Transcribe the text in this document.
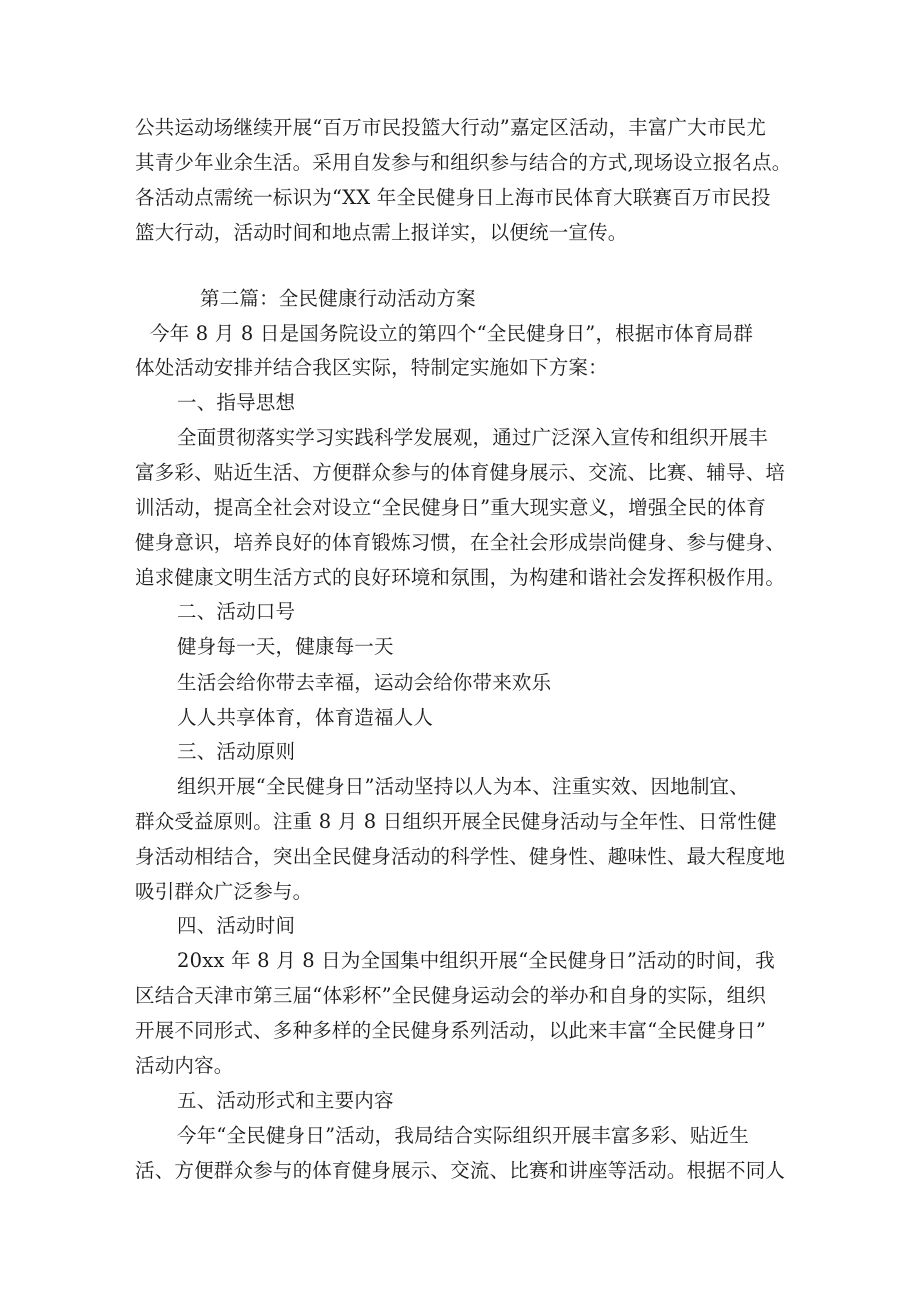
公共运动场继续开展“百万市民投篮大行动”嘉定区活动，丰富广大市民尤
其青少年业余生活。采用自发参与和组织参与结合的方式,现场设立报名点。
各活动点需统一标识为“XX 年全民健身日上海市民体育大联赛百万市民投
篮大行动，活动时间和地点需上报详实，以便统一宣传。
第二篇：全民健康行动活动方案
今年 8 月 8 日是国务院设立的第四个“全民健身日”，根据市体育局群
体处活动安排并结合我区实际，特制定实施如下方案：
一、指导思想
全面贯彻落实学习实践科学发展观，通过广泛深入宣传和组织开展丰
富多彩、贴近生活、方便群众参与的体育健身展示、交流、比赛、辅导、培
训活动，提高全社会对设立“全民健身日”重大现实意义，增强全民的体育
健身意识，培养良好的体育锻炼习惯，在全社会形成崇尚健身、参与健身、
追求健康文明生活方式的良好环境和氛围，为构建和谐社会发挥积极作用。
二、活动口号
健身每一天，健康每一天
生活会给你带去幸福，运动会给你带来欢乐
人人共享体育，体育造福人人
三、活动原则
组织开展“全民健身日”活动坚持以人为本、注重实效、因地制宜、
群众受益原则。注重 8 月 8 日组织开展全民健身活动与全年性、日常性健
身活动相结合，突出全民健身活动的科学性、健身性、趣味性、最大程度地
吸引群众广泛参与。
四、活动时间
20xx 年 8 月 8 日为全国集中组织开展“全民健身日”活动的时间，我
区结合天津市第三届“体彩杯”全民健身运动会的举办和自身的实际，组织
开展不同形式、多种多样的全民健身系列活动，以此来丰富“全民健身日”
活动内容。
五、活动形式和主要内容
今年“全民健身日”活动，我局结合实际组织开展丰富多彩、贴近生
活、方便群众参与的体育健身展示、交流、比赛和讲座等活动。根据不同人
